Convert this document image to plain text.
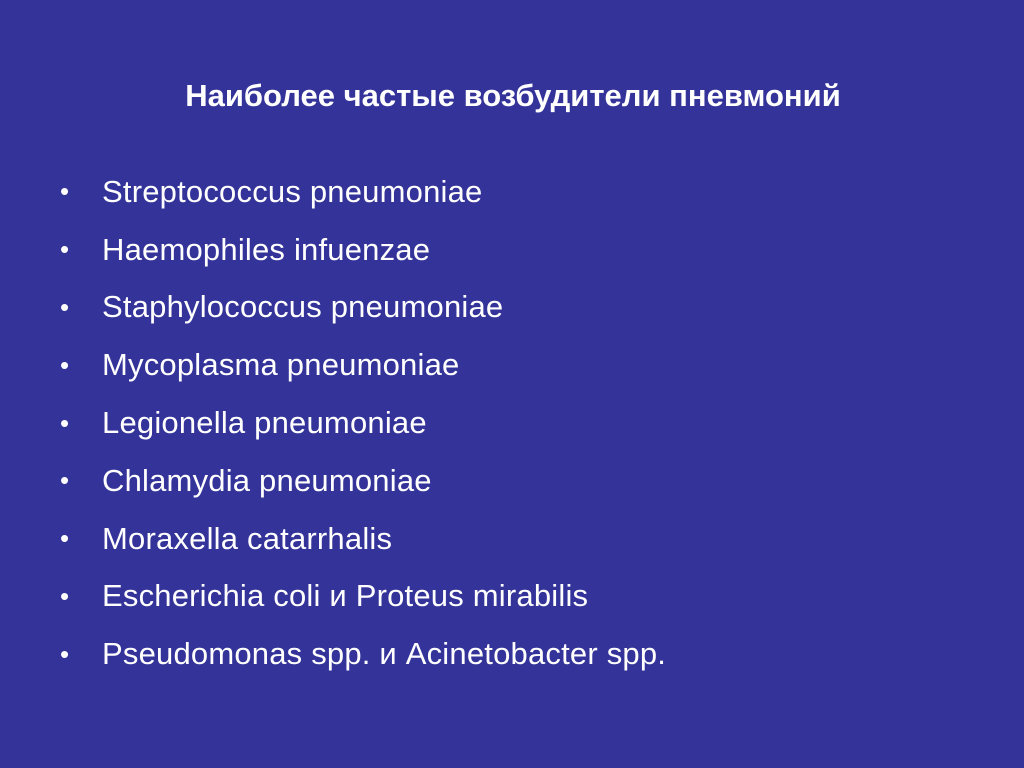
Наиболее частые возбудители пневмоний
•	Streptococcus pneumoniae
•	Haemophiles infuenzae
•	Staphylococcus pneumoniae
•	Mycoplasma pneumoniae
•	Legionella pneumoniae
•	Chlamydia pneumoniae
•	Moraxella catarrhalis
•	Escherichia coli и Proteus mirabilis
•	Pseudomonas spp. и Acinetobacter spp.
